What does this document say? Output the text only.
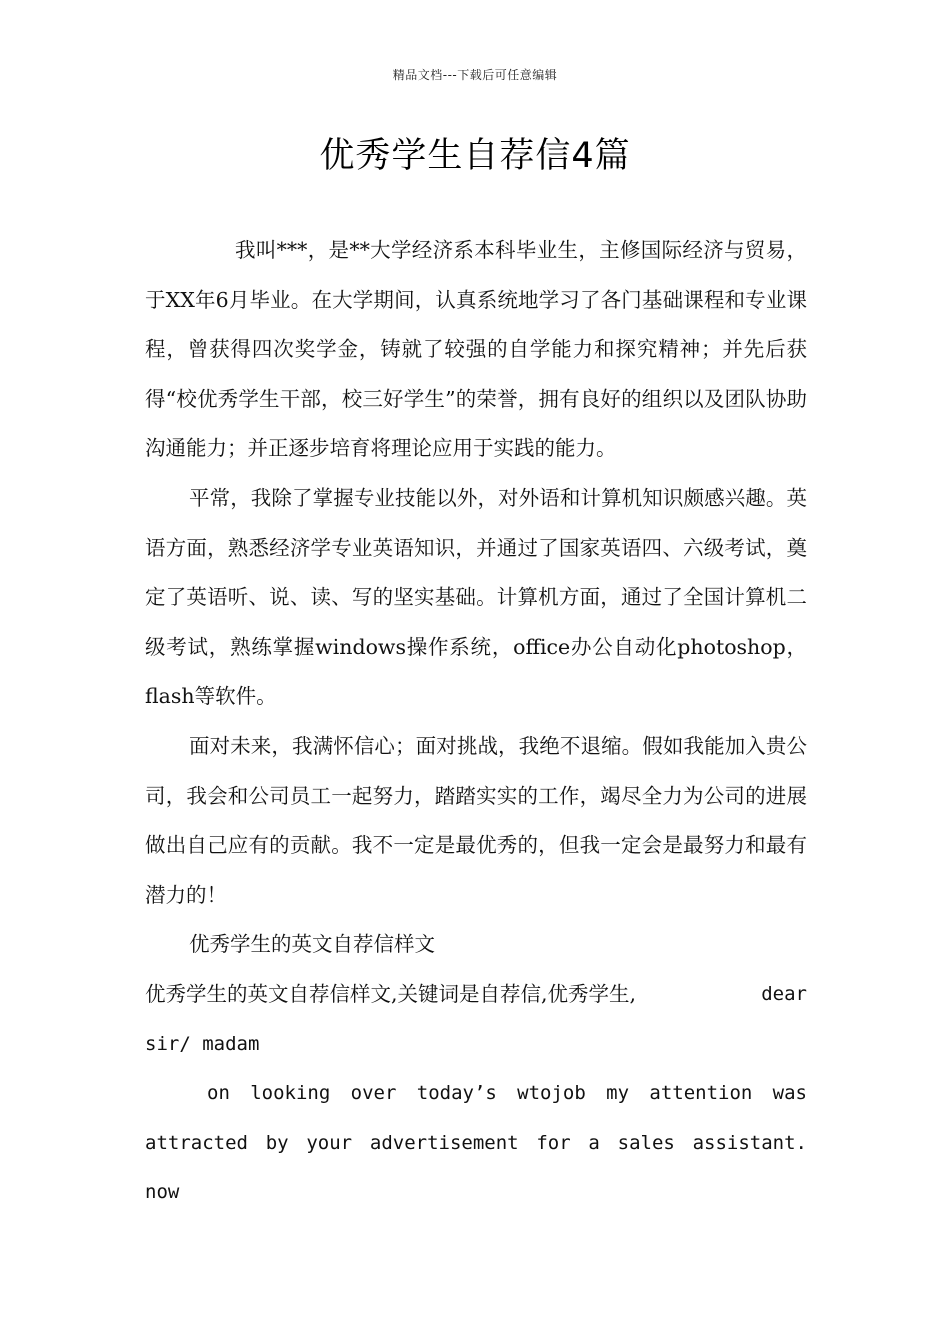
精品文档---下载后可任意编辑
优秀学生自荐信4篇

我叫***，是**大学经济系本科毕业生，主修国际经济与贸易，于XX年6月毕业。在大学期间，认真系统地学习了各门基础课程和专业课程，曾获得四次奖学金，铸就了较强的自学能力和探究精神；并先后获得“校优秀学生干部，校三好学生”的荣誉，拥有良好的组织以及团队协助沟通能力；并正逐步培育将理论应用于实践的能力。

平常，我除了掌握专业技能以外，对外语和计算机知识颇感兴趣。英语方面，熟悉经济学专业英语知识，并通过了国家英语四、六级考试，奠定了英语听、说、读、写的坚实基础。计算机方面，通过了全国计算机二级考试，熟练掌握windows操作系统，office办公自动化photoshop，flash等软件。

面对未来，我满怀信心；面对挑战，我绝不退缩。假如我能加入贵公司，我会和公司员工一起努力，踏踏实实的工作，竭尽全力为公司的进展做出自己应有的贡献。我不一定是最优秀的，但我一定会是最努力和最有潜力的！

优秀学生的英文自荐信样文

优秀学生的英文自荐信样文,关键词是自荐信,优秀学生,	dear

sir/ madam

on looking over today’s wtojob my attention was attracted by your advertisement for a sales assistant. now
